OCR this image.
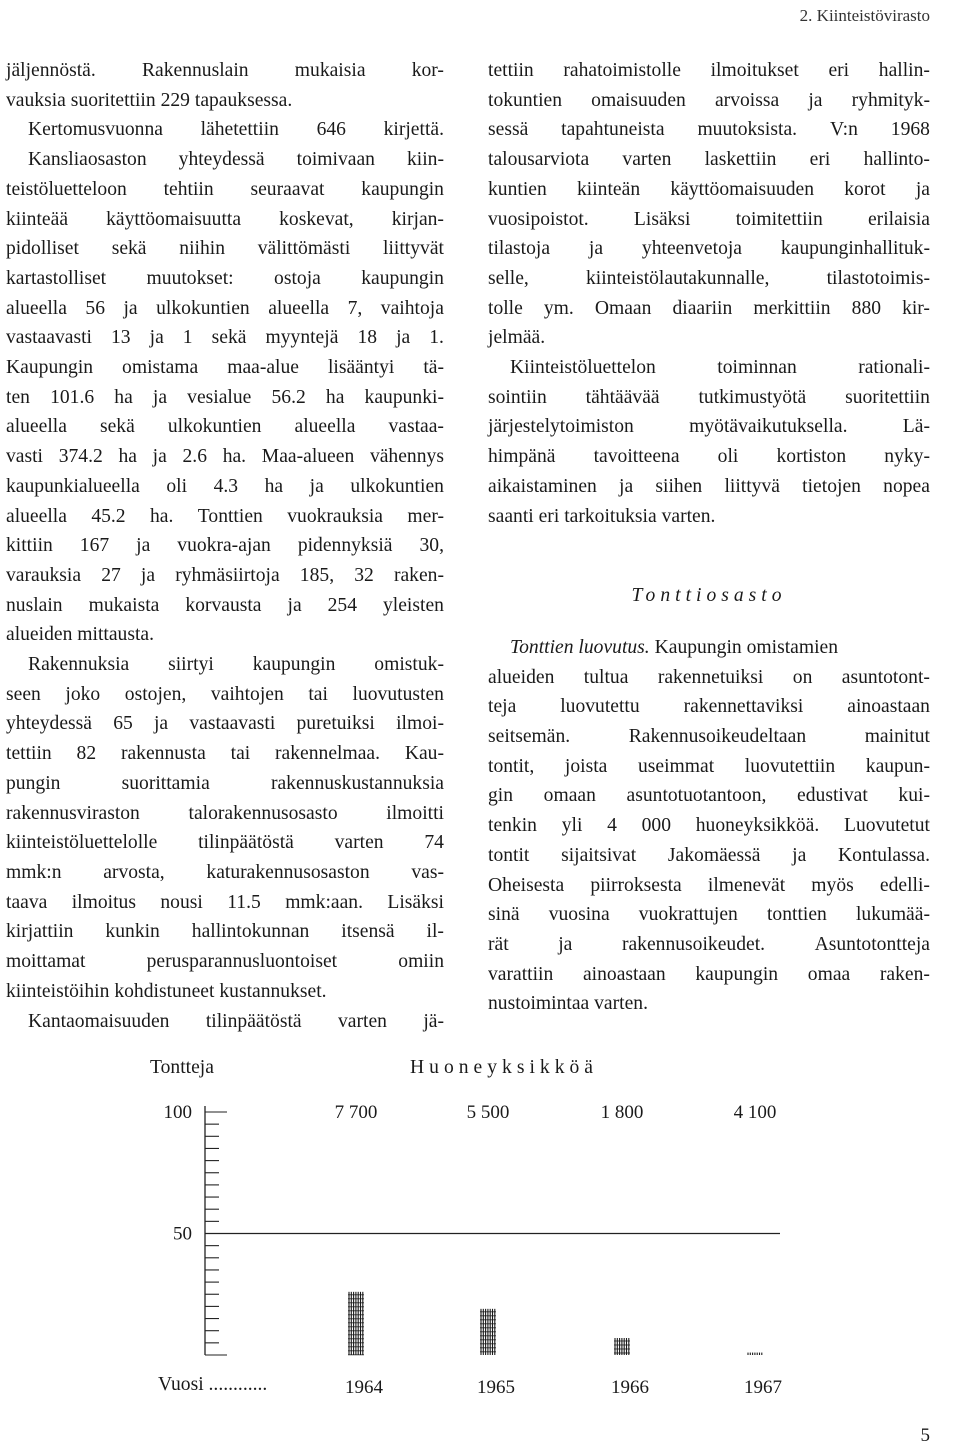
2. Kiinteistövirasto
jäljennöstä. Rakennuslain mukaisia kor-
vauksia suoritettiin 229 tapauksessa.
Kertomusvuonna lähetettiin 646 kirjettä.
Kansliaosaston yhteydessä toimivaan kiin-
teistöluetteloon tehtiin seuraavat kaupungin
kiinteää käyttöomaisuutta koskevat, kirjan-
pidolliset sekä niihin välittömästi liittyvät
kartastolliset muutokset: ostoja kaupungin
alueella 56 ja ulkokuntien alueella 7, vaihtoja
vastaavasti 13 ja 1 sekä myyntejä 18 ja 1.
Kaupungin omistama maa-alue lisääntyi tä-
ten 101.6 ha ja vesialue 56.2 ha kaupunki-
alueella sekä ulkokuntien alueella vastaa-
vasti 374.2 ha ja 2.6 ha. Maa-alueen vähennys
kaupunkialueella oli 4.3 ha ja ulkokuntien
alueella 45.2 ha. Tonttien vuokrauksia mer-
kittiin 167 ja vuokra-ajan pidennyksiä 30,
varauksia 27 ja ryhmäsiirtoja 185, 32 raken-
nuslain mukaista korvausta ja 254 yleisten
alueiden mittausta.
Rakennuksia siirtyi kaupungin omistuk-
seen joko ostojen, vaihtojen tai luovutusten
yhteydessä 65 ja vastaavasti puretuiksi ilmoi-
tettiin 82 rakennusta tai rakennelmaa. Kau-
pungin	suorittamia	rakennuskustannuksia
rakennusviraston talorakennusosasto ilmoitti
kiinteistöluettelolle tilinpäätöstä varten 74
mmk:n arvosta, katurakennusosaston vas-
taava ilmoitus nousi 11.5 mmk:aan. Lisäksi
kirjattiin kunkin hallintokunnan itsensä il-
moittamat	perusparannusluontoiset	omiin
kiinteistöihin kohdistuneet kustannukset.
Kantaomaisuuden tilinpäätöstä varten jä-
tettiin rahatoimistolle ilmoitukset eri hallin-
tokuntien omaisuuden arvoissa ja ryhmityk-
sessä tapahtuneista muutoksista. V:n 1968
talousarviota varten laskettiin eri hallinto-
kuntien kiinteän käyttöomaisuuden korot ja
vuosipoistot. Lisäksi toimitettiin erilaisia
tilastoja ja yhteenvetoja kaupunginhallituk-
selle,	kiinteistölautakunnalle,	tilastotoimis-
tolle ym. Omaan diaariin merkittiin 880 kir-
jelmää.
Kiinteistöluettelon	toiminnan	rationali-
sointiin tähtäävää tutkimustyötä suoritettiin
järjestelytoimiston	myötävaikutuksella.	Lä-
himpänä tavoitteena oli kortiston nyky-
aikaistaminen ja siihen liittyvä tietojen nopea
saanti eri tarkoituksia varten.
Tonttiosasto
Tonttien luovutus. Kaupungin omistamien
alueiden tultua rakennetuiksi on asuntotont-
teja luovutettu rakennettaviksi ainoastaan
seitsemän.	Rakennusoikeudeltaan	mainitut
tontit, joista useimmat luovutettiin kaupun-
gin omaan asuntotuotantoon, edustivat kui-
tenkin yli 4 000 huoneyksikköä. Luovutetut
tontit sijaitsivat Jakomäessä ja Kontulassa.
Oheisesta piirroksesta ilmenevät myös edelli-
sinä vuosina vuokrattujen tonttien lukumää-
rät	ja	rakennusoikeudet.	Asuntotontteja
varattiin ainoastaan kaupungin omaa raken-
nustoimintaa varten.
Tontteja	Huoneyksikköä
Vuosi ............
100
50
7 700
1964
5 500
1965
1 800
1966
4 100
1967
5
